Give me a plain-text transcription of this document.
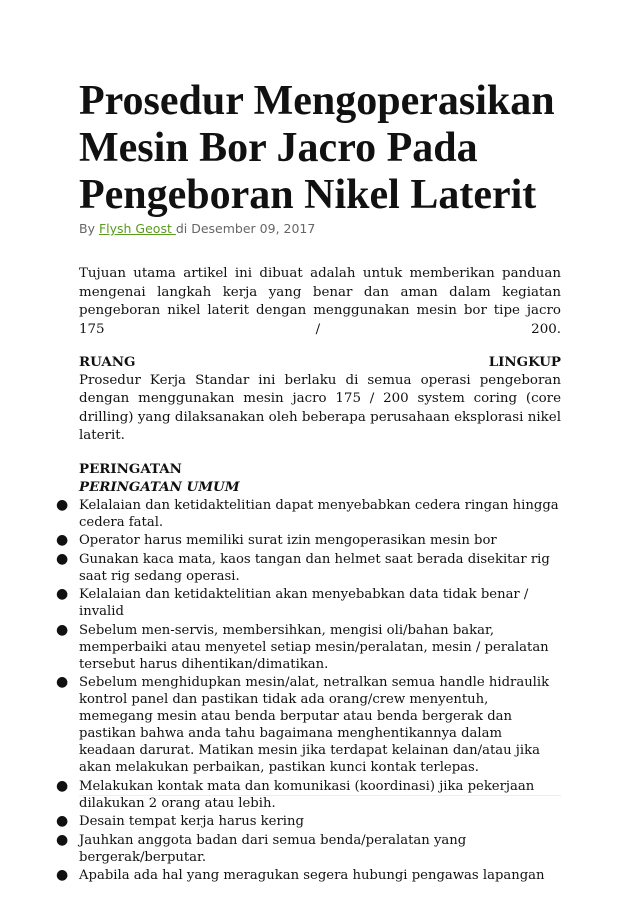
Prosedur Mengoperasikan Mesin Bor Jacro Pada Pengeboran Nikel Laterit
By Flysh Geost di Desember 09, 2017

Tujuan utama artikel ini dibuat adalah untuk memberikan panduan mengenai langkah kerja yang benar dan aman dalam kegiatan pengeboran nikel laterit dengan menggunakan mesin bor tipe jacro 175 / 200.

RUANG	LINGKUP

Prosedur Kerja Standar ini berlaku di semua operasi pengeboran dengan menggunakan mesin jacro 175 / 200 system coring (core drilling) yang dilaksanakan oleh beberapa perusahaan eksplorasi nikel laterit.

PERINGATAN

PERINGATAN UMUM

● Kelalaian dan ketidaktelitian dapat menyebabkan cedera ringan hingga cedera fatal.
● Operator harus memiliki surat izin mengoperasikan mesin bor
● Gunakan kaca mata, kaos tangan dan helmet saat berada disekitar rig saat rig sedang operasi.
● Kelalaian dan ketidaktelitian akan menyebabkan data tidak benar / invalid
● Sebelum men-servis, membersihkan, mengisi oli/bahan bakar, memperbaiki atau menyetel setiap mesin/peralatan, mesin / peralatan tersebut harus dihentikan/dimatikan.
● Sebelum menghidupkan mesin/alat, netralkan semua handle hidraulik kontrol panel dan pastikan tidak ada orang/crew menyentuh, memegang mesin atau benda berputar atau benda bergerak dan pastikan bahwa anda tahu bagaimana menghentikannya dalam keadaan darurat. Matikan mesin jika terdapat kelainan dan/atau jika akan melakukan perbaikan, pastikan kunci kontak terlepas.
● Melakukan kontak mata dan komunikasi (koordinasi) jika pekerjaan dilakukan 2 orang atau lebih.
● Desain tempat kerja harus kering
● Jauhkan anggota badan dari semua benda/peralatan yang bergerak/berputar.
● Apabila ada hal yang meragukan segera hubungi pengawas lapangan
